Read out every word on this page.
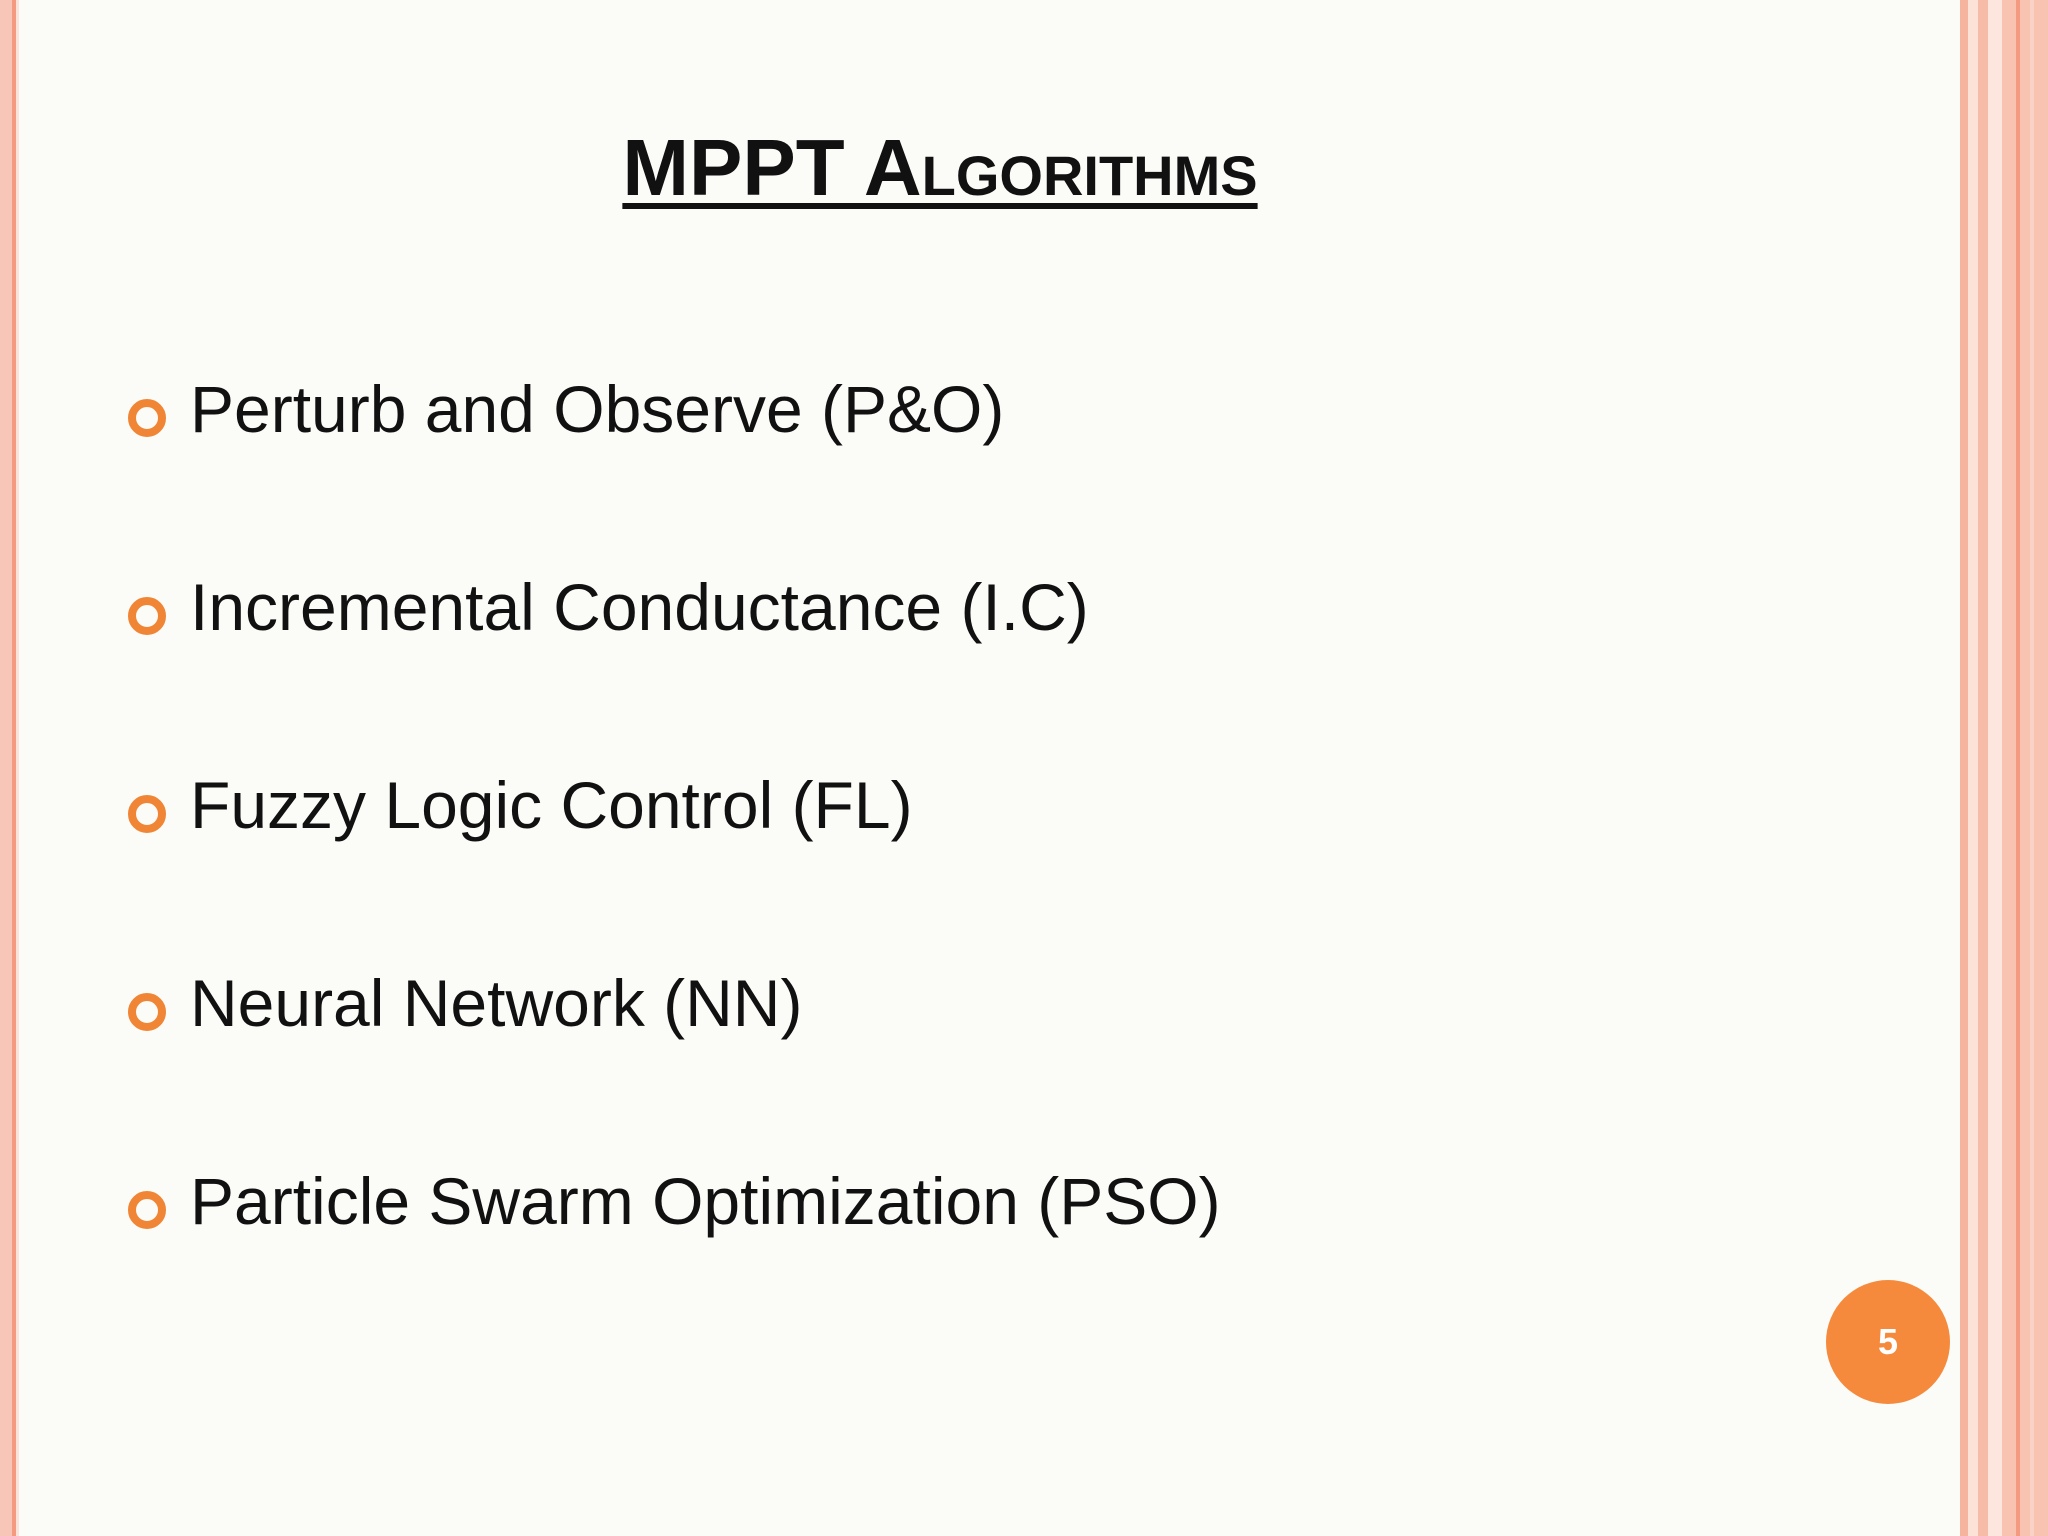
MPPT Algorithms
Perturb and Observe (P&O)
Incremental Conductance (I.C)
Fuzzy Logic Control (FL)
Neural Network (NN)
Particle Swarm Optimization (PSO)
5
